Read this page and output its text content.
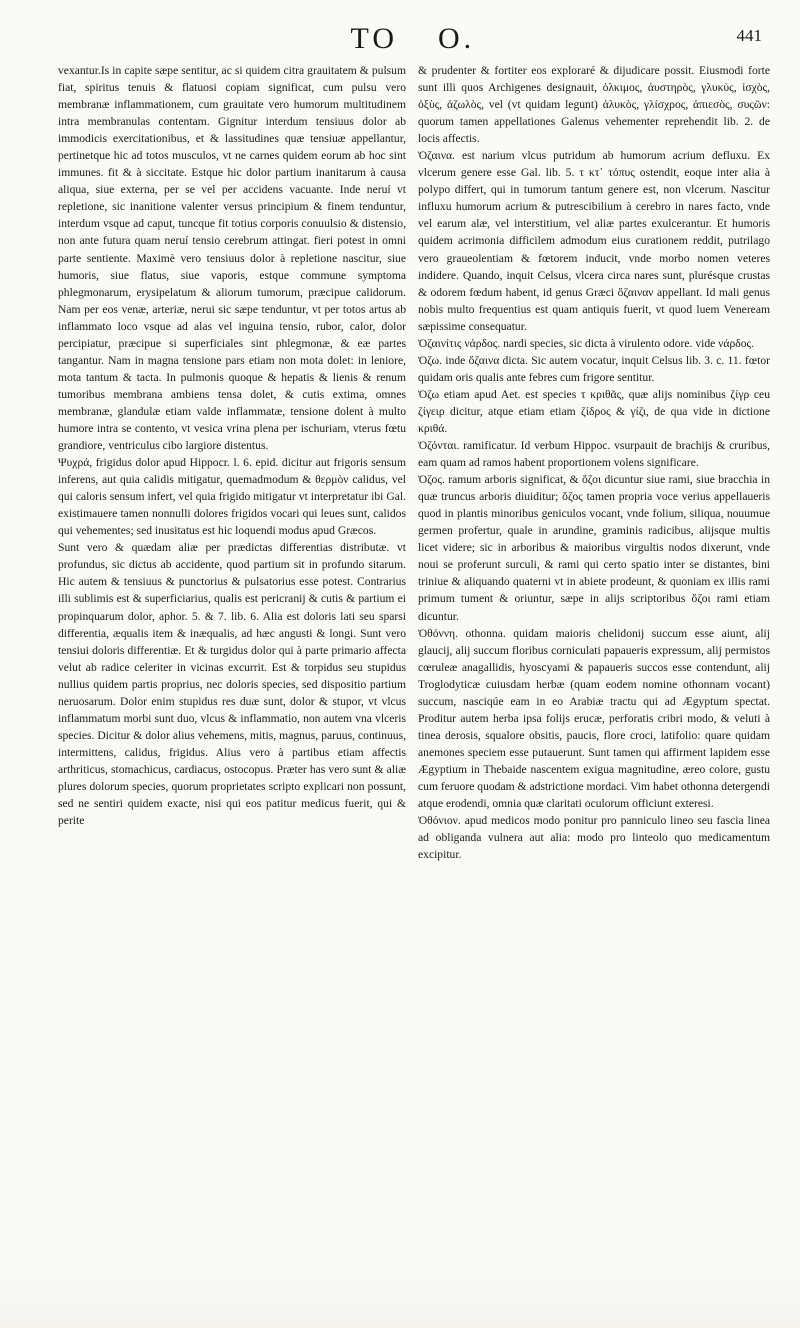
TO O.	441

vexantur.Is in capite sæpe sentitur, ac si quidem citra grauitatem & pulsum fiat, spiritus tenuis & flatuosi copiam significat, cum pulsu vero membranæ inflammationem, cum grauitate vero humorum multitudinem intra membranulas contentam. Gignitur interdum tensiuus dolor ab immodicis exercitationibus, et & lassitudines quæ tensiuæ appellantur, pertinetque hic ad totos musculos, vt ne carnes quidem eorum ab hoc sint immunes. fit & à siccitate. Estque hic dolor partium inanitarum à causa aliqua, siue externa, per se vel per accidens vacuante. Inde neruí vt repletione, sic inanitione valenter versus principium & finem tenduntur, interdum vsque ad caput, tuncque fit totius corporis conuulsio & distensio, non ante futura quam neruí tensio cerebrum attingat. fieri potest in omni parte sentiente. Maximè vero tensiuus dolor à repletione nascitur, siue humoris, siue flatus, siue vaporis, estque commune symptoma phlegmonarum, erysipelatum & aliorum tumorum, præcipue calidorum. Nam per eos venæ, arteriæ, nerui sic sæpe tenduntur, vt per totos artus ab inflammato loco vsque ad alas vel inguina tensio, rubor, calor, dolor percipiatur, præcipue si superficiales sint phlegmonæ, & eæ partes tangantur. Nam in magna tensione pars etiam non mota dolet: in leniore, mota tantum & tacta. In pulmonis quoque & hepatis & lienis & renum tumoribus membrana ambiens tensa dolet, & cutis extima, omnes membranæ, glandulæ etiam valde inflammatæ, tensione dolent à multo humore intra se contento, vt vesica vrina plena per ischuriam, vterus fœtu grandiore, ventriculus cibo largiore distentus.

Ψυχρά, frigidus dolor apud Hippocr. l. 6. epid. dicitur aut frigoris sensum inferens, aut quia calidis mitigatur, quemadmodum & θερμὸν calidus, vel qui caloris sensum infert, vel quia frigido mitigatur vt interpretatur ibi Gal. existimauere tamen nonnulli dolores frigidos vocari qui leues sunt, calidos qui vehementes; sed inusitatus est hic loquendi modus apud Græcos.

Sunt vero & quædam aliæ per prædictas differentias distributæ. vt profundus, sic dictus ab accidente, quod partium sit in profundo sitarum. Hic autem & tensiuus & punctorius & pulsatorius esse potest. Contrarius illi sublimis est & superficiarius, qualis est pericranij & cutis & partium ei propinquarum dolor, aphor. 5. & 7. lib. 6. Alia est doloris lati seu sparsi differentia, æqualis item & inæqualis, ad hæc angusti & longi. Sunt vero tensiui doloris differentiæ. Et & turgidus dolor qui à parte primario affecta velut ab radice celeriter in vicinas excurrit. Est & torpidus seu stupidus nullius quidem partis proprius, nec doloris species, sed dispositio partium neruosarum. Dolor enim stupidus res duæ sunt, dolor & stupor, vt vlcus inflammatum morbi sunt duo, vlcus & inflammatio, non autem vna vlceris species. Dicitur & dolor alius vehemens, mitis, magnus, paruus, continuus, intermittens, calidus, frigidus. Alius vero à partibus etiam affectis arthriticus, stomachicus, cardiacus, ostocopus. Præter has vero sunt & aliæ plures dolorum species, quorum proprietates scripto explicari non possunt, sed ne sentiri quidem exacte, nisi qui eos patitur medicus fuerit, qui & perite

& prudenter & fortiter eos exploraré & dijudicare possit. Eiusmodi forte sunt illi quos Archigenes designauit, ὁλκιμος, ἀυστηρὸς, γλυκὺς, ἰσχὸς, ὀξὺς, ἀζωλὸς, vel (vt quidam legunt) ἀλυκὸς, γλίσχρος, ἀπιεσὸς, συςῶν: quorum tamen appellationes Galenus vehementer reprehendit lib. 2. de locis affectis.

Ὀζαινα. est narium vlcus putridum ab humorum acrium defluxu. Ex vlcerum genere esse Gal. lib. 5. τ κτ᾿ τόπυς ostendit, eoque inter alia à polypo differt, qui in tumorum tantum genere est, non vlcerum. Nascitur influxu humorum acrium & putrescibilium à cerebro in nares facto, vnde vel earum alæ, vel interstitium, vel aliæ partes exulcerantur. Et humoris quidem acrimonia difficilem admodum eius curationem reddit, putrilago vero graueolentiam & fœtorem inducit, vnde morbo nomen veteres indidere. Quando, inquit Celsus, vlcera circa nares sunt, plurésque crustas & odorem fœdum habent, id genus Græci ὄζαιναν appellant. Id mali genus nobis multo frequentius est quam antiquis fuerit, vt quod luem Veneream sæpissime consequatur.

Ὀζαινίτις νάρδος. nardi species, sic dicta à virulento odore. vide νάρδος.

Ὀζω. inde ὄζαινα dicta. Sic autem vocatur, inquit Celsus lib. 3. c. 11. fœtor quidam oris qualis ante febres cum frigore sentitur.

Ὀζω etiam apud Aet. est species τ κριθᾶς, quæ alijs nominibus ζίγρ ceu ζίγειρ dicitur, atque etiam etiam ζίδρος & γίζι, de qua vide in dictione κριθά.

Ὀζόνται. ramificatur. Id verbum Hippoc. vsurpauit de brachijs & cruribus, eam quam ad ramos habent proportionem volens significare.

Ὀζος. ramum arboris significat, & ὄζοι dicuntur siue rami, siue bracchia in quæ truncus arboris diuiditur; ὄζος tamen propria voce verius appellaueris quod in plantis minoribus geniculos vocant, vnde folium, siliqua, nouumue germen profertur, quale in arundine, graminis radicibus, alijsque multis licet videre; sic in arboribus & maioribus virgultis nodos dixerunt, vnde noui se proferunt surculi, & rami qui certo spatio inter se distantes, bini triniue & aliquando quaterni vt in abiete prodeunt, & quoniam ex illis rami primum tument & oriuntur, sæpe in alijs scriptoribus ὄζοι rami etiam dicuntur.

Ὀθόννη. othonna. quidam maioris chelidonij succum esse aiunt, alij glaucij, alij succum floribus corniculati papaueris expressum, alij permistos cœruleæ anagallidis, hyoscyami & papaueris succos esse contendunt, alij Troglodyticæ cuiusdam herbæ (quam eodem nomine othonnam vocant) succum, nasciqúe eam in eo Arabiæ tractu qui ad Ægyptum spectat. Proditur autem herba ipsa folijs erucæ, perforatis cribri modo, & veluti à tinea derosis, squalore obsitis, paucis, flore croci, latifolio: quare quidam anemones speciem esse putauerunt. Sunt tamen qui affirment lapidem esse Ægyptium in Thebaide nascentem exigua magnitudine, æreo colore, gustu cum feruore quodam & adstrictione mordaci. Vim habet othonna detergendi atque erodendi, omnia quæ claritati oculorum officiunt exteresi.

Ὀθόνιον. apud medicos modo ponitur pro panniculo lineo seu fascia linea ad obliganda vulnera aut alia: modo pro linteolo quo medicamentum excipitur.
